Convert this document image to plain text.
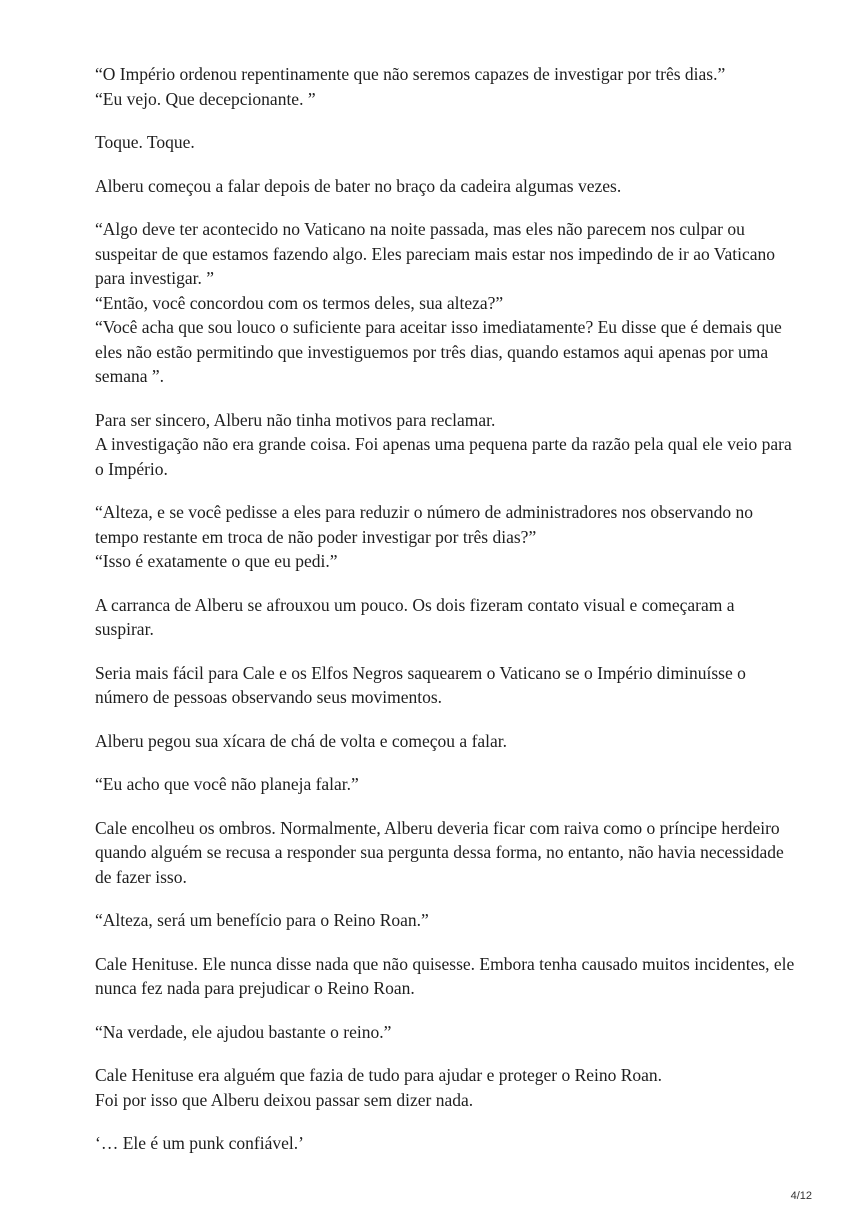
“O Império ordenou repentinamente que não seremos capazes de investigar por três dias.”
“Eu vejo. Que decepcionante. ”

Toque. Toque.

Alberu começou a falar depois de bater no braço da cadeira algumas vezes.

“Algo deve ter acontecido no Vaticano na noite passada, mas eles não parecem nos culpar ou suspeitar de que estamos fazendo algo. Eles pareciam mais estar nos impedindo de ir ao Vaticano para investigar. ”
“Então, você concordou com os termos deles, sua alteza?”
“Você acha que sou louco o suficiente para aceitar isso imediatamente? Eu disse que é demais que eles não estão permitindo que investiguemos por três dias, quando estamos aqui apenas por uma semana ”.

Para ser sincero, Alberu não tinha motivos para reclamar.
A investigação não era grande coisa. Foi apenas uma pequena parte da razão pela qual ele veio para o Império.

“Alteza, e se você pedisse a eles para reduzir o número de administradores nos observando no tempo restante em troca de não poder investigar por três dias?”
“Isso é exatamente o que eu pedi.”

A carranca de Alberu se afrouxou um pouco. Os dois fizeram contato visual e começaram a suspirar.

Seria mais fácil para Cale e os Elfos Negros saquearem o Vaticano se o Império diminuísse o número de pessoas observando seus movimentos.

Alberu pegou sua xícara de chá de volta e começou a falar.

“Eu acho que você não planeja falar.”

Cale encolheu os ombros. Normalmente, Alberu deveria ficar com raiva como o príncipe herdeiro quando alguém se recusa a responder sua pergunta dessa forma, no entanto, não havia necessidade de fazer isso.

“Alteza, será um benefício para o Reino Roan.”

Cale Henituse. Ele nunca disse nada que não quisesse. Embora tenha causado muitos incidentes, ele nunca fez nada para prejudicar o Reino Roan.

“Na verdade, ele ajudou bastante o reino.”

Cale Henituse era alguém que fazia de tudo para ajudar e proteger o Reino Roan.
Foi por isso que Alberu deixou passar sem dizer nada.

‘… Ele é um punk confiável.’

4/12
